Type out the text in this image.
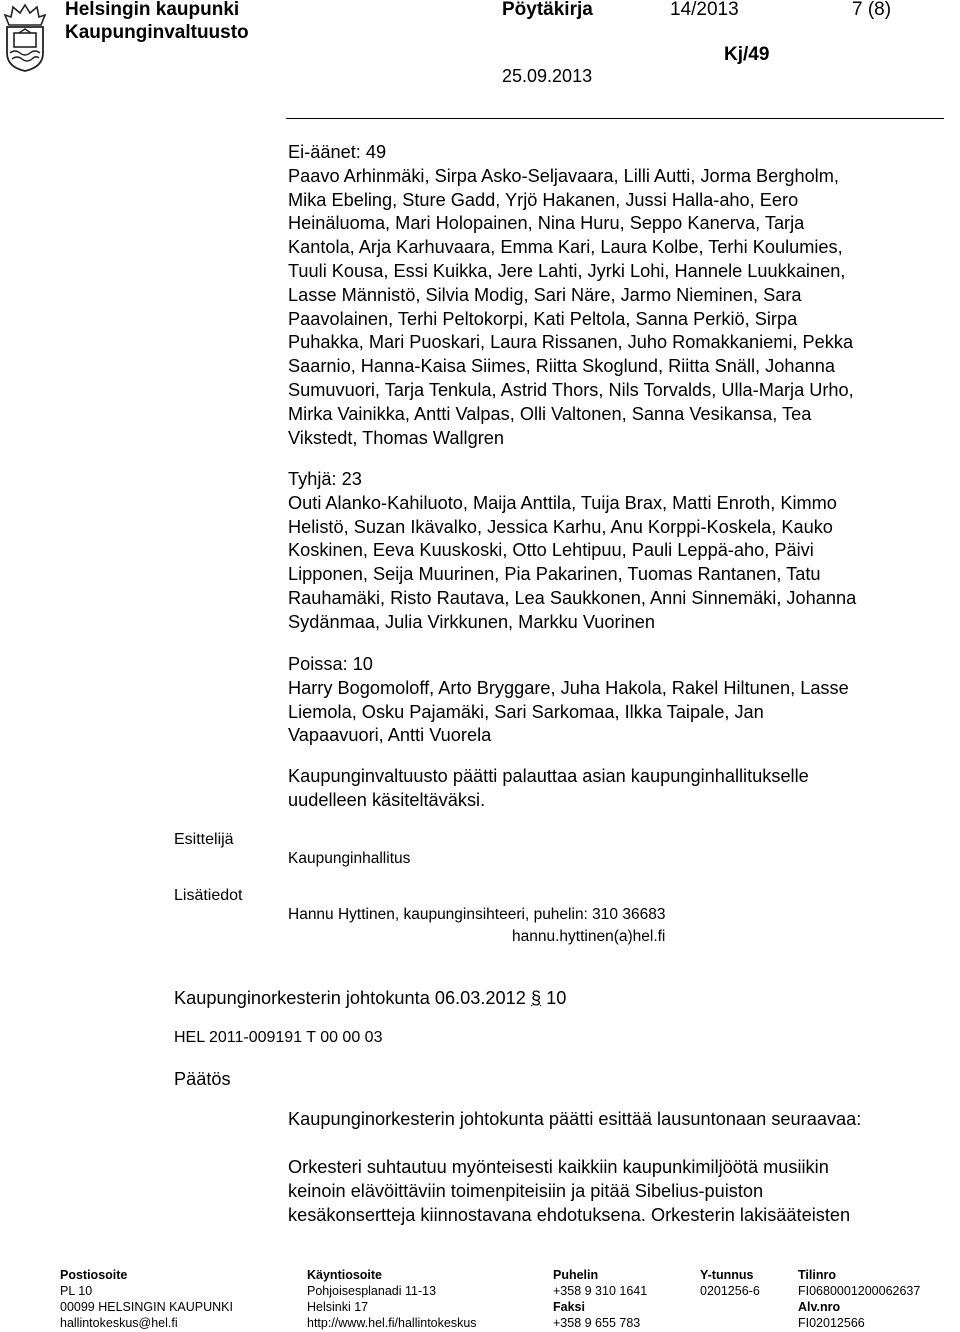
Helsingin kaupunki
Kaupunginvaltuusto
Pöytäkirja	14/2013	7 (8)
Kj/49
25.09.2013
Ei-äänet: 49
Paavo Arhinmäki, Sirpa Asko-Seljavaara, Lilli Autti, Jorma Bergholm,
Mika Ebeling, Sture Gadd, Yrjö Hakanen, Jussi Halla-aho, Eero
Heinäluoma, Mari Holopainen, Nina Huru, Seppo Kanerva, Tarja
Kantola, Arja Karhuvaara, Emma Kari, Laura Kolbe, Terhi Koulumies,
Tuuli Kousa, Essi Kuikka, Jere Lahti, Jyrki Lohi, Hannele Luukkainen,
Lasse Männistö, Silvia Modig, Sari Näre, Jarmo Nieminen, Sara
Paavolainen, Terhi Peltokorpi, Kati Peltola, Sanna Perkiö, Sirpa
Puhakka, Mari Puoskari, Laura Rissanen, Juho Romakkaniemi, Pekka
Saarnio, Hanna-Kaisa Siimes, Riitta Skoglund, Riitta Snäll, Johanna
Sumuvuori, Tarja Tenkula, Astrid Thors, Nils Torvalds, Ulla-Marja Urho,
Mirka Vainikka, Antti Valpas, Olli Valtonen, Sanna Vesikansa, Tea
Vikstedt, Thomas Wallgren
Tyhjä: 23
Outi Alanko-Kahiluoto, Maija Anttila, Tuija Brax, Matti Enroth, Kimmo
Helistö, Suzan Ikävalko, Jessica Karhu, Anu Korppi-Koskela, Kauko
Koskinen, Eeva Kuuskoski, Otto Lehtipuu, Pauli Leppä-aho, Päivi
Lipponen, Seija Muurinen, Pia Pakarinen, Tuomas Rantanen, Tatu
Rauhamäki, Risto Rautava, Lea Saukkonen, Anni Sinnemäki, Johanna
Sydänmaa, Julia Virkkunen, Markku Vuorinen
Poissa: 10
Harry Bogomoloff, Arto Bryggare, Juha Hakola, Rakel Hiltunen, Lasse
Liemola, Osku Pajamäki, Sari Sarkomaa, Ilkka Taipale, Jan
Vapaavuori, Antti Vuorela
Kaupunginvaltuusto päätti palauttaa asian kaupunginhallitukselle
uudelleen käsiteltäväksi.
Esittelijä
Kaupunginhallitus
Lisätiedot
Hannu Hyttinen, kaupunginsihteeri, puhelin: 310 36683
hannu.hyttinen(a)hel.fi
Kaupunginorkesterin johtokunta 06.03.2012 § 10
HEL 2011-009191 T 00 00 03
Päätös
Kaupunginorkesterin johtokunta päätti esittää lausuntonaan seuraavaa:
Orkesteri suhtautuu myönteisesti kaikkiin kaupunkimiljöötä musiikin
keinoin elävöittäviin toimenpiteisiin ja pitää Sibelius-puiston
kesäkonsertteja kiinnostavana ehdotuksena. Orkesterin lakisääteisten
Postiosoite
PL 10
00099 HELSINGIN KAUPUNKI
hallintokeskus@hel.fi
Käyntiosoite
Pohjoisesplanadi 11-13
Helsinki 17
http://www.hel.fi/hallintokeskus
Puhelin
+358 9 310 1641
Faksi
+358 9 655 783
Y-tunnus
0201256-6
Tilinro
FI0680001200062637
Alv.nro
FI02012566
